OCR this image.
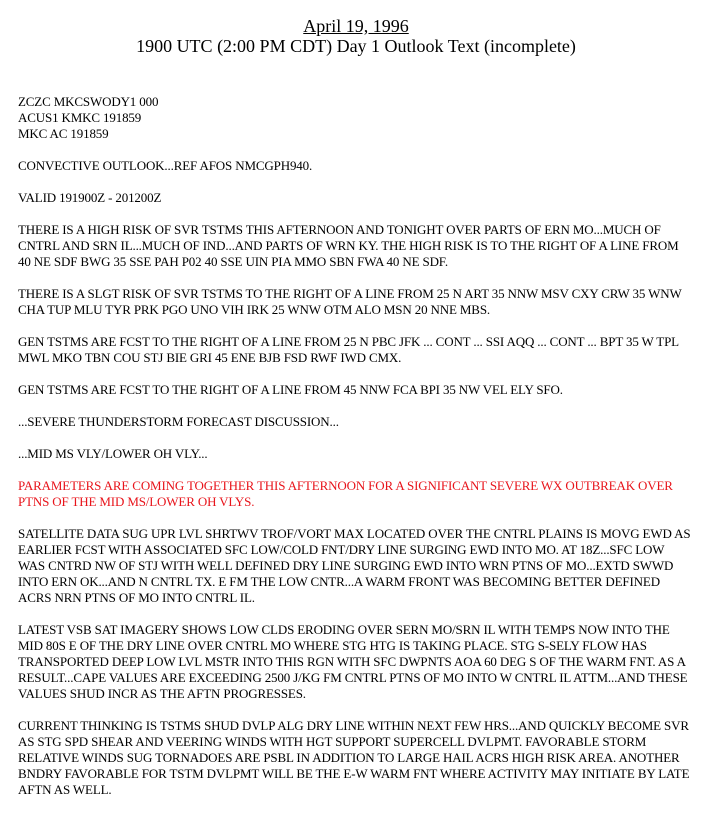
April 19, 1996
1900 UTC (2:00 PM CDT) Day 1 Outlook Text (incomplete)
ZCZC MKCSWODY1 000
ACUS1 KMKC 191859
MKC AC 191859
CONVECTIVE OUTLOOK...REF AFOS NMCGPH940.
VALID 191900Z - 201200Z
THERE IS A HIGH RISK OF SVR TSTMS THIS AFTERNOON AND TONIGHT OVER PARTS OF ERN MO...MUCH OF
CNTRL AND SRN IL...MUCH OF IND...AND PARTS OF WRN KY. THE HIGH RISK IS TO THE RIGHT OF A LINE FROM
40 NE SDF BWG 35 SSE PAH P02 40 SSE UIN PIA MMO SBN FWA 40 NE SDF.
THERE IS A SLGT RISK OF SVR TSTMS TO THE RIGHT OF A LINE FROM 25 N ART 35 NNW MSV CXY CRW 35 WNW
CHA TUP MLU TYR PRK PGO UNO VIH IRK 25 WNW OTM ALO MSN 20 NNE MBS.
GEN TSTMS ARE FCST TO THE RIGHT OF A LINE FROM 25 N PBC JFK ... CONT ... SSI AQQ ... CONT ... BPT 35 W TPL
MWL MKO TBN COU STJ BIE GRI 45 ENE BJB FSD RWF IWD CMX.
GEN TSTMS ARE FCST TO THE RIGHT OF A LINE FROM 45 NNW FCA BPI 35 NW VEL ELY SFO.
...SEVERE THUNDERSTORM FORECAST DISCUSSION...
...MID MS VLY/LOWER OH VLY...
PARAMETERS ARE COMING TOGETHER THIS AFTERNOON FOR A SIGNIFICANT SEVERE WX OUTBREAK OVER
PTNS OF THE MID MS/LOWER OH VLYS.
SATELLITE DATA SUG UPR LVL SHRTWV TROF/VORT MAX LOCATED OVER THE CNTRL PLAINS IS MOVG EWD AS
EARLIER FCST WITH ASSOCIATED SFC LOW/COLD FNT/DRY LINE SURGING EWD INTO MO. AT 18Z...SFC LOW
WAS CNTRD NW OF STJ WITH WELL DEFINED DRY LINE SURGING EWD INTO WRN PTNS OF MO...EXTD SWWD
INTO ERN OK...AND N CNTRL TX. E FM THE LOW CNTR...A WARM FRONT WAS BECOMING BETTER DEFINED
ACRS NRN PTNS OF MO INTO CNTRL IL.
LATEST VSB SAT IMAGERY SHOWS LOW CLDS ERODING OVER SERN MO/SRN IL WITH TEMPS NOW INTO THE
MID 80S E OF THE DRY LINE OVER CNTRL MO WHERE STG HTG IS TAKING PLACE. STG S-SELY FLOW HAS
TRANSPORTED DEEP LOW LVL MSTR INTO THIS RGN WITH SFC DWPNTS AOA 60 DEG S OF THE WARM FNT. AS A
RESULT...CAPE VALUES ARE EXCEEDING 2500 J/KG FM CNTRL PTNS OF MO INTO W CNTRL IL ATTM...AND THESE
VALUES SHUD INCR AS THE AFTN PROGRESSES.
CURRENT THINKING IS TSTMS SHUD DVLP ALG DRY LINE WITHIN NEXT FEW HRS...AND QUICKLY BECOME SVR
AS STG SPD SHEAR AND VEERING WINDS WITH HGT SUPPORT SUPERCELL DVLPMT. FAVORABLE STORM
RELATIVE WINDS SUG TORNADOES ARE PSBL IN ADDITION TO LARGE HAIL ACRS HIGH RISK AREA. ANOTHER
BNDRY FAVORABLE FOR TSTM DVLPMT WILL BE THE E-W WARM FNT WHERE ACTIVITY MAY INITIATE BY LATE
AFTN AS WELL.
